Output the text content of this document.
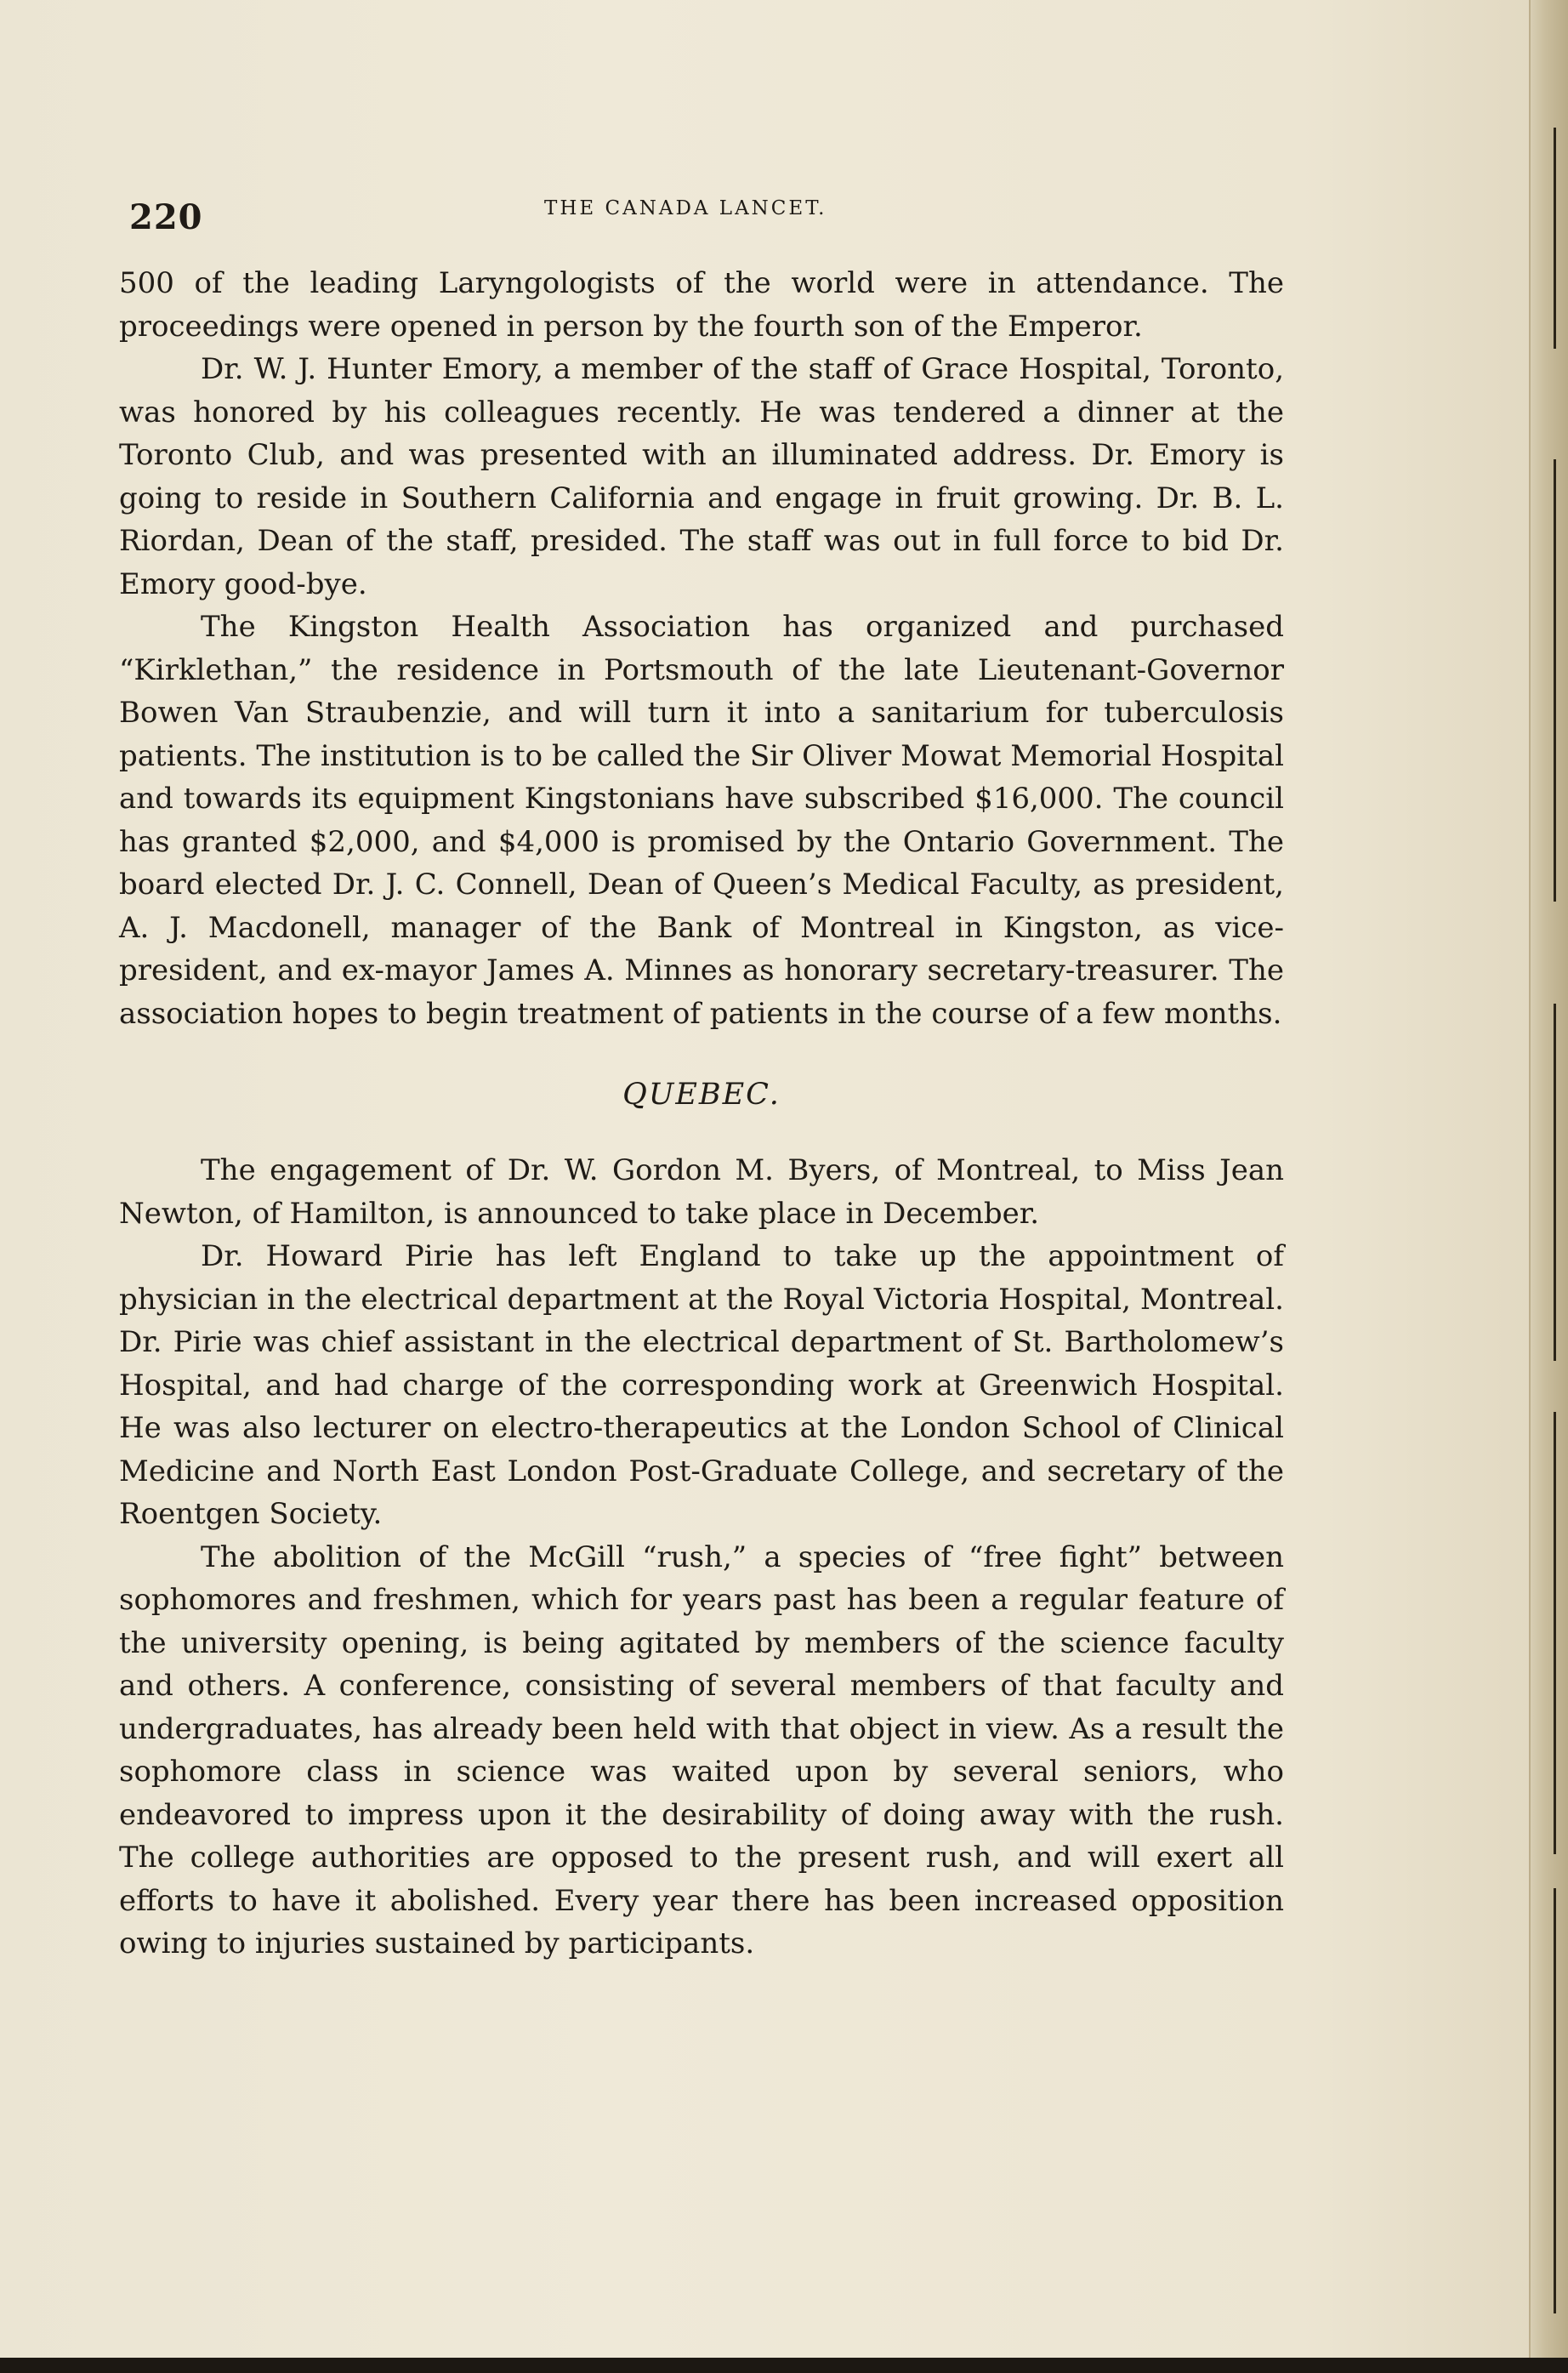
220	THE CANADA LANCET.

500 of the leading Laryngologists of the world were in attendance. The proceedings were opened in person by the fourth son of the Emperor.

Dr. W. J. Hunter Emory, a member of the staff of Grace Hospital, Toronto, was honored by his colleagues recently. He was tendered a dinner at the Toronto Club, and was presented with an illuminated address. Dr. Emory is going to reside in Southern California and engage in fruit growing. Dr. B. L. Riordan, Dean of the staff, presided. The staff was out in full force to bid Dr. Emory good-bye.

The Kingston Health Association has organized and purchased “Kirklethan,” the residence in Portsmouth of the late Lieutenant-Governor Bowen Van Straubenzie, and will turn it into a sanitarium for tuberculosis patients. The institution is to be called the Sir Oliver Mowat Memorial Hospital and towards its equipment Kingstonians have subscribed $16,000. The council has granted $2,000, and $4,000 is promised by the Ontario Government. The board elected Dr. J. C. Connell, Dean of Queen’s Medical Faculty, as president, A. J. Macdonell, manager of the Bank of Montreal in Kingston, as vice-president, and ex-mayor James A. Minnes as honorary secretary-treasurer. The association hopes to begin treatment of patients in the course of a few months.

QUEBEC.

The engagement of Dr. W. Gordon M. Byers, of Montreal, to Miss Jean Newton, of Hamilton, is announced to take place in December.

Dr. Howard Pirie has left England to take up the appointment of physician in the electrical department at the Royal Victoria Hospital, Montreal. Dr. Pirie was chief assistant in the electrical department of St. Bartholomew’s Hospital, and had charge of the corresponding work at Greenwich Hospital. He was also lecturer on electro-therapeutics at the London School of Clinical Medicine and North East London Post-Graduate College, and secretary of the Roentgen Society.

The abolition of the McGill “rush,” a species of “free fight” between sophomores and freshmen, which for years past has been a regular feature of the university opening, is being agitated by members of the science faculty and others. A conference, consisting of several members of that faculty and undergraduates, has already been held with that object in view. As a result the sophomore class in science was waited upon by several seniors, who endeavored to impress upon it the desirability of doing away with the rush. The college authorities are opposed to the present rush, and will exert all efforts to have it abolished. Every year there has been increased opposition owing to injuries sustained by participants.
